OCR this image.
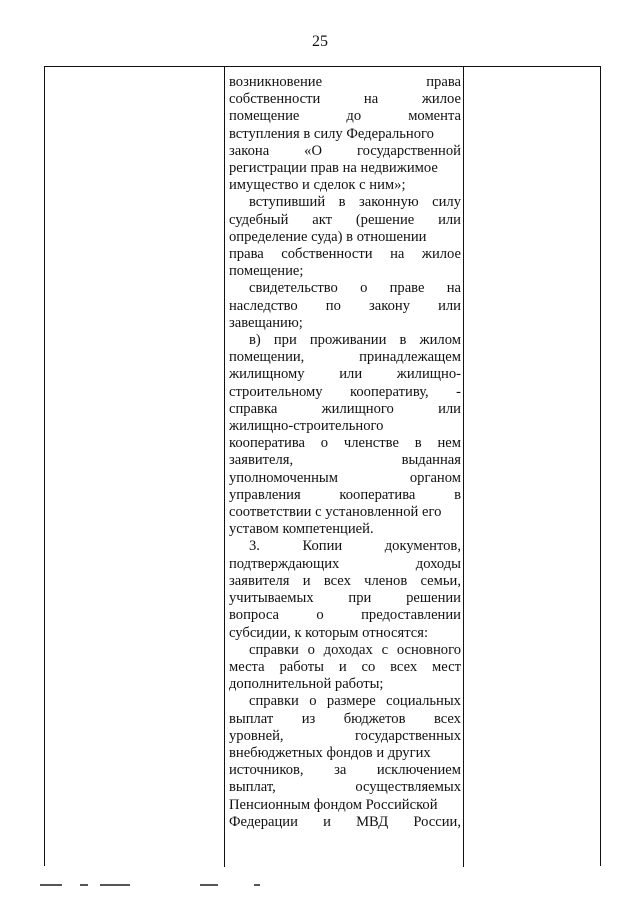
25
возникновение	права
собственности	на	жилое
помещение	до	момента
вступления в силу Федерального
закона «О государственной
регистрации прав на недвижимое
имущество и сделок с ним»;
вступивший в законную силу
судебный акт (решение или
определение суда) в отношении
права собственности на жилое
помещение;
свидетельство о праве на
наследство по закону или
завещанию;
в) при проживании в жилом
помещении,	принадлежащем
жилищному или жилищно-
строительному кооперативу, -
справка	жилищного	или
жилищно-строительного
кооператива о членстве в нем
заявителя,	выданная
уполномоченным	органом
управления	кооператива	в
соответствии с установленной его
уставом компетенцией.
3.	Копии	документов,
подтверждающих	доходы
заявителя и всех членов семьи,
учитываемых при решении
вопроса	о	предоставлении
субсидии, к которым относятся:
справки о доходах с основного
места работы и со всех мест
дополнительной работы;
справки о размере социальных
выплат из бюджетов всех
уровней,	государственных
внебюджетных фондов и других
источников, за исключением
выплат,	осуществляемых
Пенсионным фондом Российской
Федерации и МВД России,
